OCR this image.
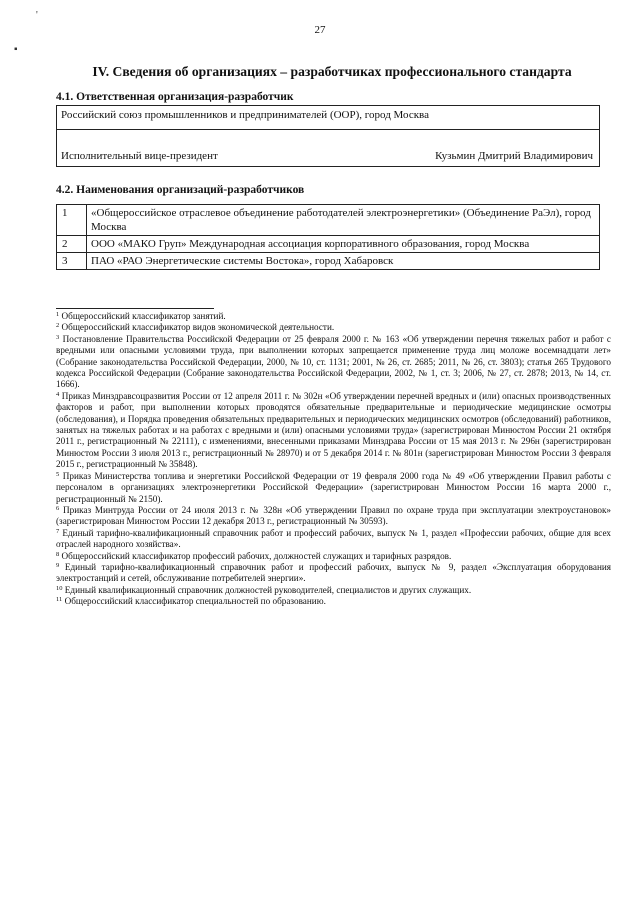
'
▪
27
IV. Сведения об организациях – разработчиках профессионального стандарта
4.1. Ответственная организация-разработчик
Российский союз промышленников и предпринимателей (ООР), город Москва
Исполнительный вице-президент	Кузьмин Дмитрий Владимирович
4.2. Наименования организаций-разработчиков
1	«Общероссийское отраслевое объединение работодателей электроэнергетики» (Объединение РаЭл), город Москва
2	ООО «МАКО Груп» Международная ассоциация корпоративного образования, город Москва
3	ПАО «РАО Энергетические системы Востока», город Хабаровск

$^1$ Общероссийский классификатор занятий.

$^2$ Общероссийский классификатор видов экономической деятельности.

$^3$ Постановление Правительства Российской Федерации от 25 февраля 2000 г. № 163 «Об утверждении перечня тяжелых работ и работ с вредными или опасными условиями труда, при выполнении которых запрещается применение труда лиц моложе восемнадцати лет» (Собрание законодательства Российской Федерации, 2000, № 10, ст. 1131; 2001, № 26, ст. 2685; 2011, № 26, ст. 3803); статья 265 Трудового кодекса Российской Федерации (Собрание законодательства Российской Федерации, 2002, № 1, ст. 3; 2006, № 27, ст. 2878; 2013, № 14, ст. 1666).

$^4$ Приказ Минздравсоцразвития России от 12 апреля 2011 г. № 302н «Об утверждении перечней вредных и (или) опасных производственных факторов и работ, при выполнении которых проводятся обязательные предварительные и периодические медицинские осмотры (обследования), и Порядка проведения обязательных предварительных и периодических медицинских осмотров (обследований) работников, занятых на тяжелых работах и на работах с вредными и (или) опасными условиями труда» (зарегистрирован Минюстом России 21 октября 2011 г., регистрационный № 22111), с изменениями, внесенными приказами Минздрава России от 15 мая 2013 г. № 296н (зарегистрирован Минюстом России 3 июля 2013 г., регистрационный № 28970) и от 5 декабря 2014 г. № 801н (зарегистрирован Минюстом России 3 февраля 2015 г., регистрационный № 35848).

$^5$ Приказ Министерства топлива и энергетики Российской Федерации от 19 февраля 2000 года № 49 «Об утверждении Правил работы с персоналом в организациях электроэнергетики Российской Федерации» (зарегистрирован Минюстом России 16 марта 2000 г., регистрационный № 2150).

$^6$ Приказ Минтруда России от 24 июля 2013 г. № 328н «Об утверждении Правил по охране труда при эксплуатации электроустановок» (зарегистрирован Минюстом России 12 декабря 2013 г., регистрационный № 30593).

$^7$ Единый тарифно-квалификационный справочник работ и профессий рабочих, выпуск № 1, раздел «Профессии рабочих, общие для всех отраслей народного хозяйства».

$^8$ Общероссийский классификатор профессий рабочих, должностей служащих и тарифных разрядов.

$^9$ Единый тарифно-квалификационный справочник работ и профессий рабочих, выпуск № 9, раздел «Эксплуатация оборудования электростанций и сетей, обслуживание потребителей энергии».

$^{10}$ Единый квалификационный справочник должностей руководителей, специалистов и других служащих.

$^{11}$ Общероссийский классификатор специальностей по образованию.
